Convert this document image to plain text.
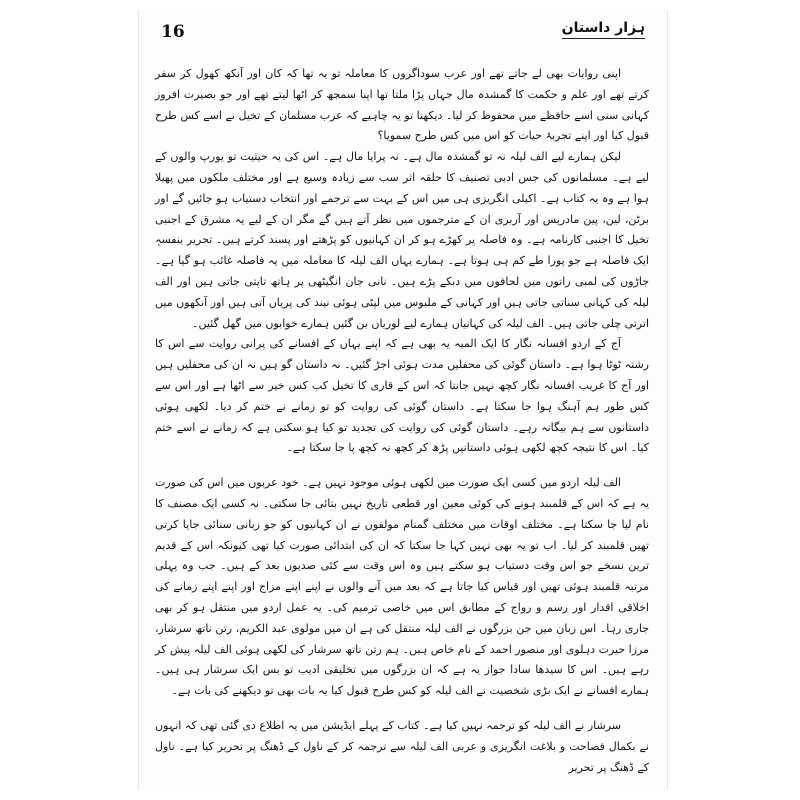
16	ہزار داستان

اپنی روایات بھی لے جاتے تھے اور عرب سوداگروں کا معاملہ تو یہ تھا کہ کان اور آنکھ کھول کر سفر کرتے تھے اور علم و حکمت کا گمشدہ مال جہاں پڑا ملتا تھا اپنا سمجھ کر اٹھا لیتے تھے اور جو بصیرت افروز کہانی سنی اسے حافظے میں محفوظ کر لیا۔ دیکھنا تو یہ چاہیے کہ عرب مسلمان کے تخیل نے اسے کس طرح قبول کیا اور اپنے تجربۂ حیات کو اس میں کس طرح سمویا؟

لیکن ہمارے لیے الف لیلہ نہ تو گمشدہ مال ہے۔ نہ پرایا مال ہے۔ اس کی یہ حیثیت تو یورپ والوں کے لیے ہے۔ مسلمانوں کی جس ادبی تصنیف کا حلقہ اثر سب سے زیادہ وسیع ہے اور مختلف ملکوں میں پھیلا ہوا ہے وہ یہ کتاب ہے۔ اکیلی انگریزی ہی میں اس کے بہت سے ترجمے اور انتخاب دستیاب ہو جائیں گے اور برٹن، لین، پین مادریس اور آربری ان کے مترجموں میں نظر آتے ہیں گے مگر ان کے لیے یہ مشرق کے اجنبی تخیل کا اجنبی کارنامہ ہے۔ وہ فاصلہ پر کھڑے ہو کر ان کہانیوں کو پڑھتے اور پسند کرتے ہیں۔ تحریر بنفسہٖ ایک فاصلہ ہے جو پورا طے کم ہی ہوتا ہے۔ ہمارے یہاں الف لیلہ کا معاملہ میں یہ فاصلہ غائب ہو گیا ہے۔ جاڑوں کی لمبی راتوں میں لحافوں میں دبکے پڑے ہیں۔ نانی جان انگیٹھی پر ہاتھ تاپتی جاتی ہیں اور الف لیلہ کی کہانی سناتی جاتی ہیں اور کہانی کے ملبوس میں لپٹی ہوئی نیند کی پریاں آتی ہیں اور آنکھوں میں اترتی چلی جاتی ہیں۔ الف لیلہ کی کہانیاں ہمارے لیے لوریاں بن گئیں ہمارے خوابوں میں گھل گئیں۔

آج کے اردو افسانہ نگار کا ایک المیہ یہ بھی ہے کہ اپنے یہاں کے افسانے کی پرانی روایت سے اس کا رشتہ ٹوٹا ہوا ہے۔ داستان گوئی کی محفلیں مدت ہوئی اجڑ گئیں۔ نہ داستان گو ہیں نہ ان کی محفلیں ہیں اور آج کا غریب افسانہ نگار کچھ نہیں جانتا کہ اس کے قاری کا تخیل کب کس خیر سے اٹھا ہے اور اس سے کس طور ہم آہنگ ہوا جا سکتا ہے۔ داستان گوئی کی روایت کو تو زمانے نے ختم کر دیا۔ لکھی ہوئی داستانوں سے ہم بیگانہ رہے۔ داستان گوئی کی روایت کی تجدید تو کیا ہو سکتی ہے کہ زمانے نے اسے ختم کیا۔ اس کا نتیجہ کچھ لکھی ہوئی داستانیں پڑھ کر کچھ نہ کچھ پا جا سکتا ہے۔

الف لیلہ اردو میں کسی ایک صورت میں لکھی ہوئی موجود نہیں ہے۔ خود عربوں میں اس کی صورت یہ ہے کہ اس کے قلمبند ہونے کی کوئی معین اور قطعی تاریخ نہیں بتائی جا سکتی۔ نہ کسی ایک مصنف کا نام لیا جا سکتا ہے۔ مختلف اوقات میں مختلف گمنام مولفوں نے ان کہانیوں کو جو زبانی سنائی جایا کرتی تھیں قلمبند کر لیا۔ اب تو یہ بھی نہیں کہا جا سکتا کہ ان کی ابتدائی صورت کیا تھی کیونکہ اس کے قدیم ترین نسخے جو اس وقت دستیاب ہو سکتے ہیں وہ اس وقت سے کئی صدیوں بعد کے ہیں۔ جب وہ پہلی مرتبہ قلمبند ہوئی تھیں اور قیاس کیا جاتا ہے کہ بعد میں آنے والوں نے اپنے اپنے مزاج اور اپنے اپنے زمانے کی اخلاقی اقدار اور رسم و رواج کے مطابق اس میں خاصی ترمیم کی۔ یہ عمل اردو میں منتقل ہو کر بھی جاری رہا۔ اس زبان میں جن بزرگوں نے الف لیلہ منتقل کی ہے ان میں مولوی عبد الکریم، رتن ناتھ سرشار، مرزا حیرت دہلوی اور منصور احمد کے نام خاص ہیں۔ ہم رتن ناتھ سرشار کی لکھی ہوئی الف لیلہ پیش کر رہے ہیں۔ اس کا سیدھا سادا جواز یہ ہے کہ ان بزرگوں میں تخلیقی ادیب تو بس ایک سرشار ہی ہیں۔ ہمارے افسانے نے ایک بڑی شخصیت نے الف لیلہ کو کس طرح قبول کیا یہ بات بھی تو دیکھنے کی بات ہے۔

سرشار نے الف لیلہ کو ترجمہ نہیں کیا ہے۔ کتاب کے پہلے ایڈیشن میں یہ اطلاع دی گئی تھی کہ انہوں نے بکمال فصاحت و بلاغت انگریزی و عربی الف لیلہ سے ترجمہ کر کے ناول کے ڈھنگ پر تحریر کیا ہے۔ ناول کے ڈھنگ پر تحریر
